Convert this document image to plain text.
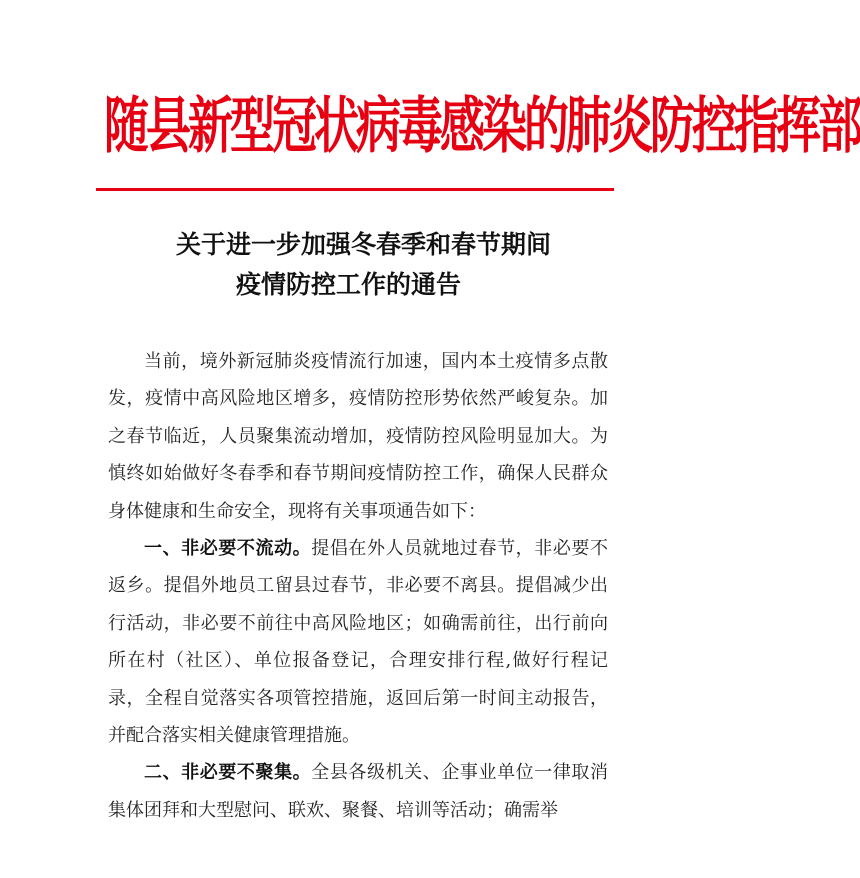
随县新型冠状病毒感染的肺炎防控指挥部
关于进一步加强冬春季和春节期间
疫情防控工作的通告

当前，境外新冠肺炎疫情流行加速，国内本土疫情多点散发，疫情中高风险地区增多，疫情防控形势依然严峻复杂。加之春节临近，人员聚集流动增加，疫情防控风险明显加大。为慎终如始做好冬春季和春节期间疫情防控工作，确保人民群众身体健康和生命安全，现将有关事项通告如下：

一、非必要不流动。提倡在外人员就地过春节，非必要不返乡。提倡外地员工留县过春节，非必要不离县。提倡减少出行活动，非必要不前往中高风险地区；如确需前往，出行前向所在村（社区）、单位报备登记，合理安排行程,做好行程记录，全程自觉落实各项管控措施，返回后第一时间主动报告，并配合落实相关健康管理措施。

二、非必要不聚集。全县各级机关、企事业单位一律取消集体团拜和大型慰问、联欢、聚餐、培训等活动；确需举
